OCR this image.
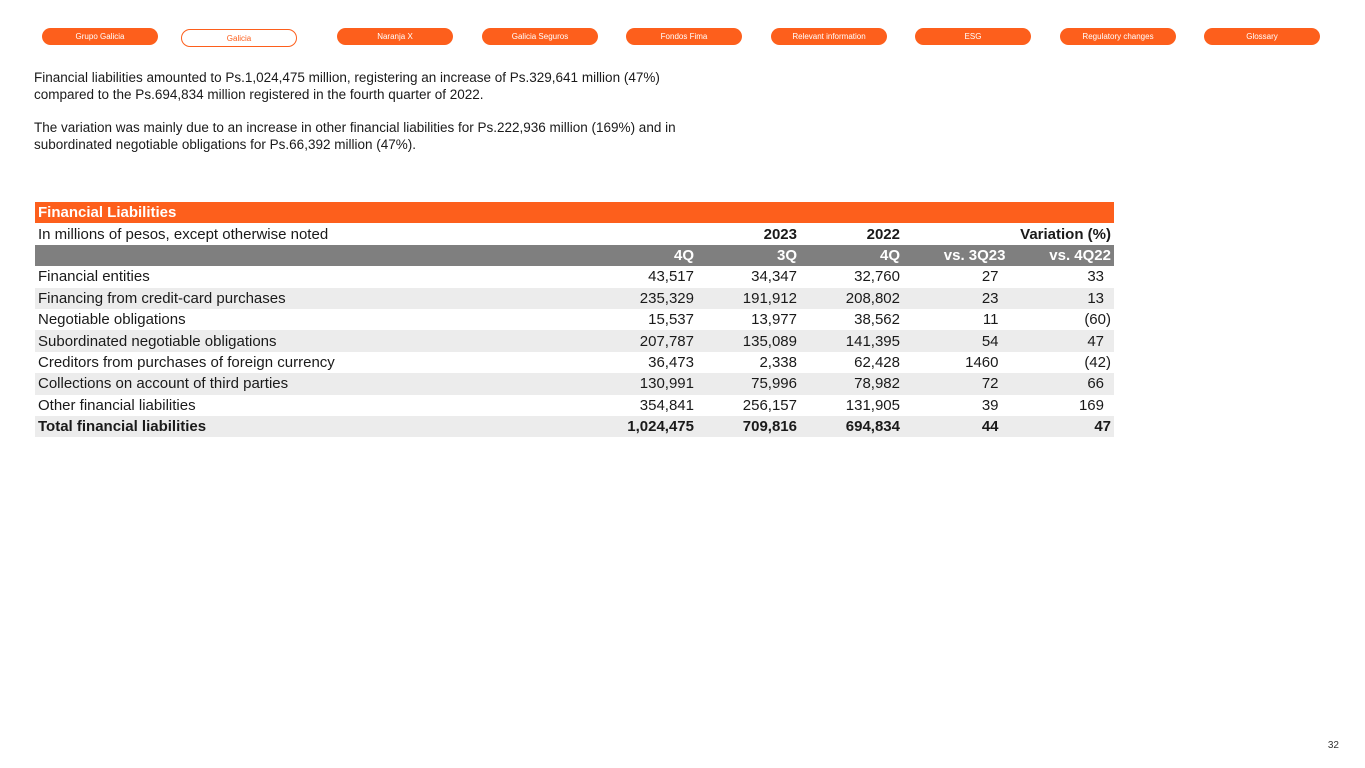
Grupo Galicia	Galicia	Naranja X	Galicia Seguros	Fondos Fima	Relevant information	ESG	Regulatory changes	Glossary
Financial liabilities amounted to Ps.1,024,475 million, registering an increase of Ps.329,641 million (47%)
compared to the Ps.694,834 million registered in the fourth quarter of 2022.
The variation was mainly due to an increase in other financial liabilities for Ps.222,936 million (169%) and in
subordinated negotiable obligations for Ps.66,392 million (47%).
Financial Liabilities					
In millions of pesos, except otherwise noted		2023	2022	Variation (%)	
	4Q	3Q	4Q	vs. 3Q23	vs. 4Q22
Financial entities	43,517	34,347	32,760	27	33
Financing from credit-card purchases	235,329	191,912	208,802	23	13
Negotiable obligations	15,537	13,977	38,562	11	(60)
Subordinated negotiable obligations	207,787	135,089	141,395	54	47
Creditors from purchases of foreign currency	36,473	2,338	62,428	1460	(42)
Collections on account of third parties	130,991	75,996	78,982	72	66
Other financial liabilities	354,841	256,157	131,905	39	169
Total financial liabilities	1,024,475	709,816	694,834	44	47
32
